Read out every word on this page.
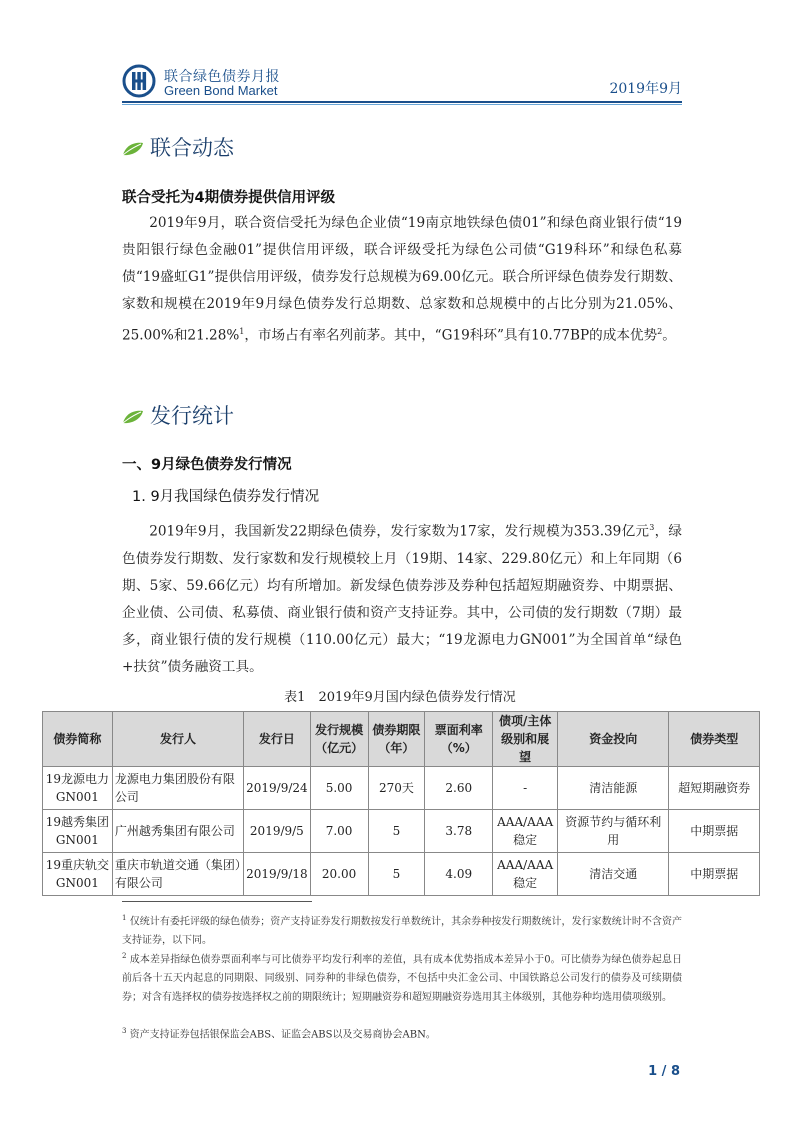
联合绿色债券月报
Green Bond Market	2019年9月
联合动态
联合受托为4期债券提供信用评级
2019年9月，联合资信受托为绿色企业债“19南京地铁绿色债01”和绿色商业银行债“19贵阳银行绿色金融01”提供信用评级，联合评级受托为绿色公司债“G19科环”和绿色私募债“19盛虹G1”提供信用评级，债券发行总规模为69.00亿元。联合所评绿色债券发行期数、家数和规模在2019年9月绿色债券发行总期数、总家数和总规模中的占比分别为21.05%、25.00%和21.28%$^1$，市场占有率名列前茅。其中，“G19科环”具有10.77BP的成本优势$^2$。
发行统计
一、9月绿色债券发行情况
1. 9月我国绿色债券发行情况
2019年9月，我国新发22期绿色债券，发行家数为17家，发行规模为353.39亿元$^3$，绿色债券发行期数、发行家数和发行规模较上月（19期、14家、229.80亿元）和上年同期（6期、5家、59.66亿元）均有所增加。新发绿色债券涉及券种包括超短期融资券、中期票据、企业债、公司债、私募债、商业银行债和资产支持证券。其中，公司债的发行期数（7期）最多，商业银行债的发行规模（110.00亿元）最大；“19龙源电力GN001”为全国首单“绿色+扶贫”债务融资工具。
表1　2019年9月国内绿色债券发行情况
债券简称	发行人	发行日	发行规模（亿元）	债券期限（年）	票面利率（%）	债项/主体级别和展望	资金投向	债券类型
19龙源电力GN001	龙源电力集团股份有限公司	2019/9/24	5.00	270天	2.60	-	清洁能源	超短期融资券
19越秀集团GN001	广州越秀集团有限公司	2019/9/5	7.00	5	3.78	AAA/AAA稳定	资源节约与循环利用	中期票据
19重庆轨交GN001	重庆市轨道交通（集团）有限公司	2019/9/18	20.00	5	4.09	AAA/AAA稳定	清洁交通	中期票据
$^1$ 仅统计有委托评级的绿色债券；资产支持证券发行期数按发行单数统计，其余券种按发行期数统计，发行家数统计时不含资产支持证券，以下同。
$^2$ 成本差异指绿色债券票面利率与可比债券平均发行利率的差值，具有成本优势指成本差异小于0。可比债券为绿色债券起息日前后各十五天内起息的同期限、同级别、同券种的非绿色债券，不包括中央汇金公司、中国铁路总公司发行的债券及可续期债券；对含有选择权的债券按选择权之前的期限统计；短期融资券和超短期融资券选用其主体级别，其他券种均选用债项级别。
$^3$ 资产支持证券包括银保监会ABS、证监会ABS以及交易商协会ABN。
1 / 8
